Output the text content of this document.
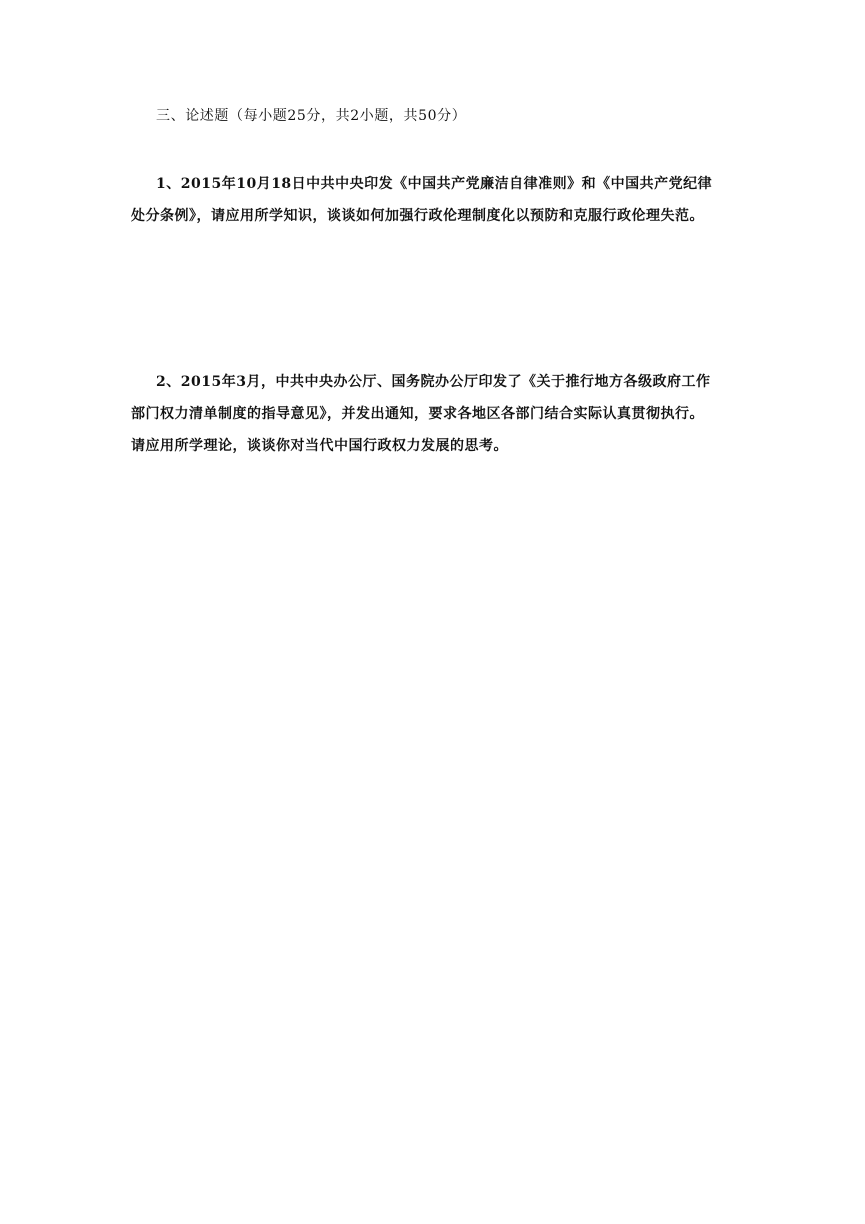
三、论述题（每小题25分，共2小题，共50分）
1、2015年10月18日中共中央印发《中国共产党廉洁自律准则》和《中国共产党纪律
处分条例》，请应用所学知识，谈谈如何加强行政伦理制度化以预防和克服行政伦理失范。
2、2015年3月，中共中央办公厅、国务院办公厅印发了《关于推行地方各级政府工作
部门权力清单制度的指导意见》，并发出通知，要求各地区各部门结合实际认真贯彻执行。
请应用所学理论，谈谈你对当代中国行政权力发展的思考。
